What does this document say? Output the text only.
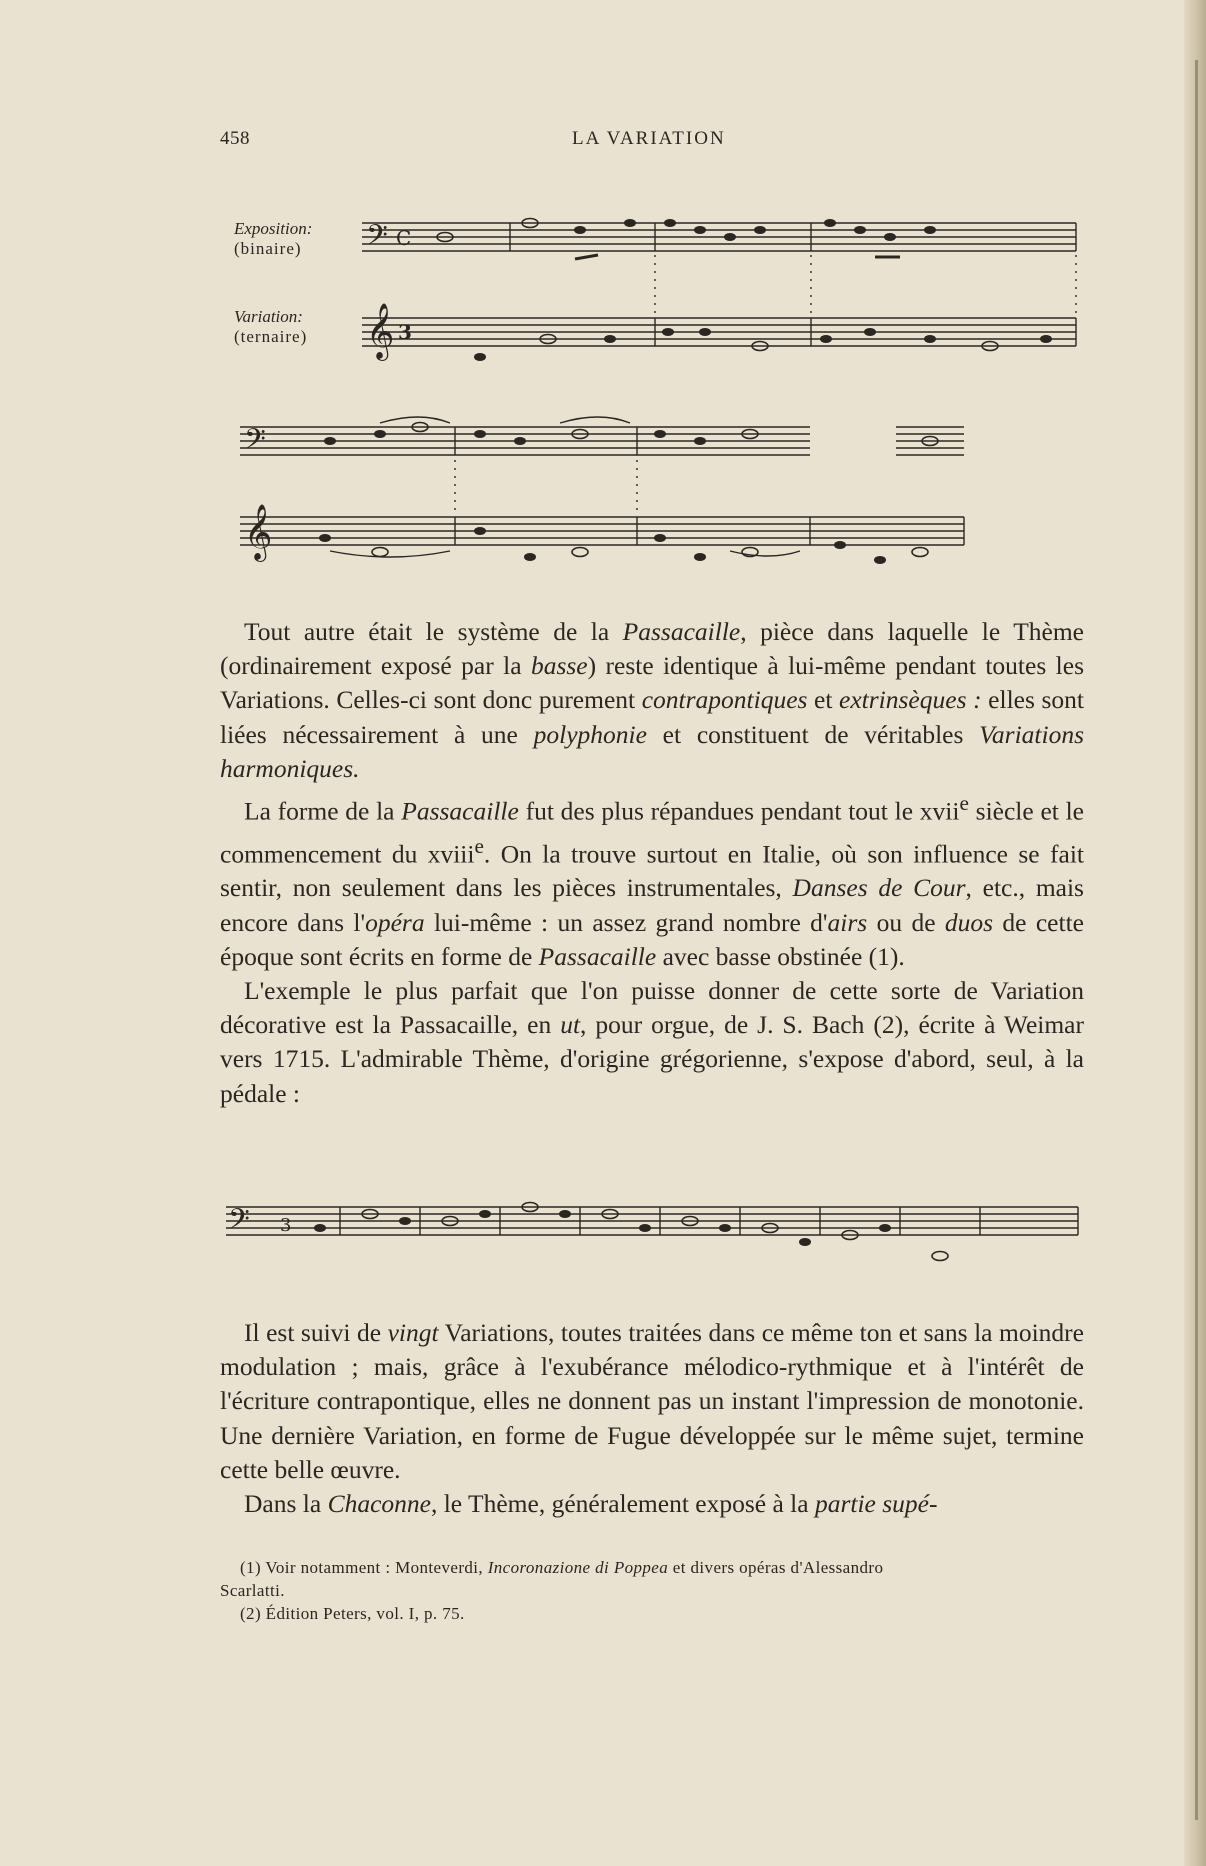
458	LA VARIATION
Exposition:
(binaire)
Variation:
(ternaire)
𝄢 C
𝄞 3
𝄢
𝄞

Tout autre était le système de la Passacaille, pièce dans laquelle le Thème (ordinairement exposé par la basse) reste identique à lui-même pendant toutes les Variations. Celles-ci sont donc purement contrapontiques et extrinsèques : elles sont liées nécessairement à une polyphonie et constituent de véritables Variations harmoniques.

La forme de la Passacaille fut des plus répandues pendant tout le xvii$^e$ siècle et le commencement du xviii$^e$. On la trouve surtout en Italie, où son influence se fait sentir, non seulement dans les pièces instrumentales, Danses de Cour, etc., mais encore dans l'opéra lui-même : un assez grand nombre d'airs ou de duos de cette époque sont écrits en forme de Passacaille avec basse obstinée (1).

L'exemple le plus parfait que l'on puisse donner de cette sorte de Variation décorative est la Passacaille, en ut, pour orgue, de J. S. Bach (2), écrite à Weimar vers 1715. L'admirable Thème, d'origine grégorienne, s'expose d'abord, seul, à la pédale :

𝄢 3

Il est suivi de vingt Variations, toutes traitées dans ce même ton et sans la moindre modulation ; mais, grâce à l'exubérance mélodico-rythmique et à l'intérêt de l'écriture contrapontique, elles ne donnent pas un instant l'impression de monotonie. Une dernière Variation, en forme de Fugue développée sur le même sujet, termine cette belle œuvre.

Dans la Chaconne, le Thème, généralement exposé à la partie supé-

(1) Voir notamment : Monteverdi, Incoronazione di Poppea et divers opéras d'Alessandro

Scarlatti.

(2) Édition Peters, vol. I, p. 75.
